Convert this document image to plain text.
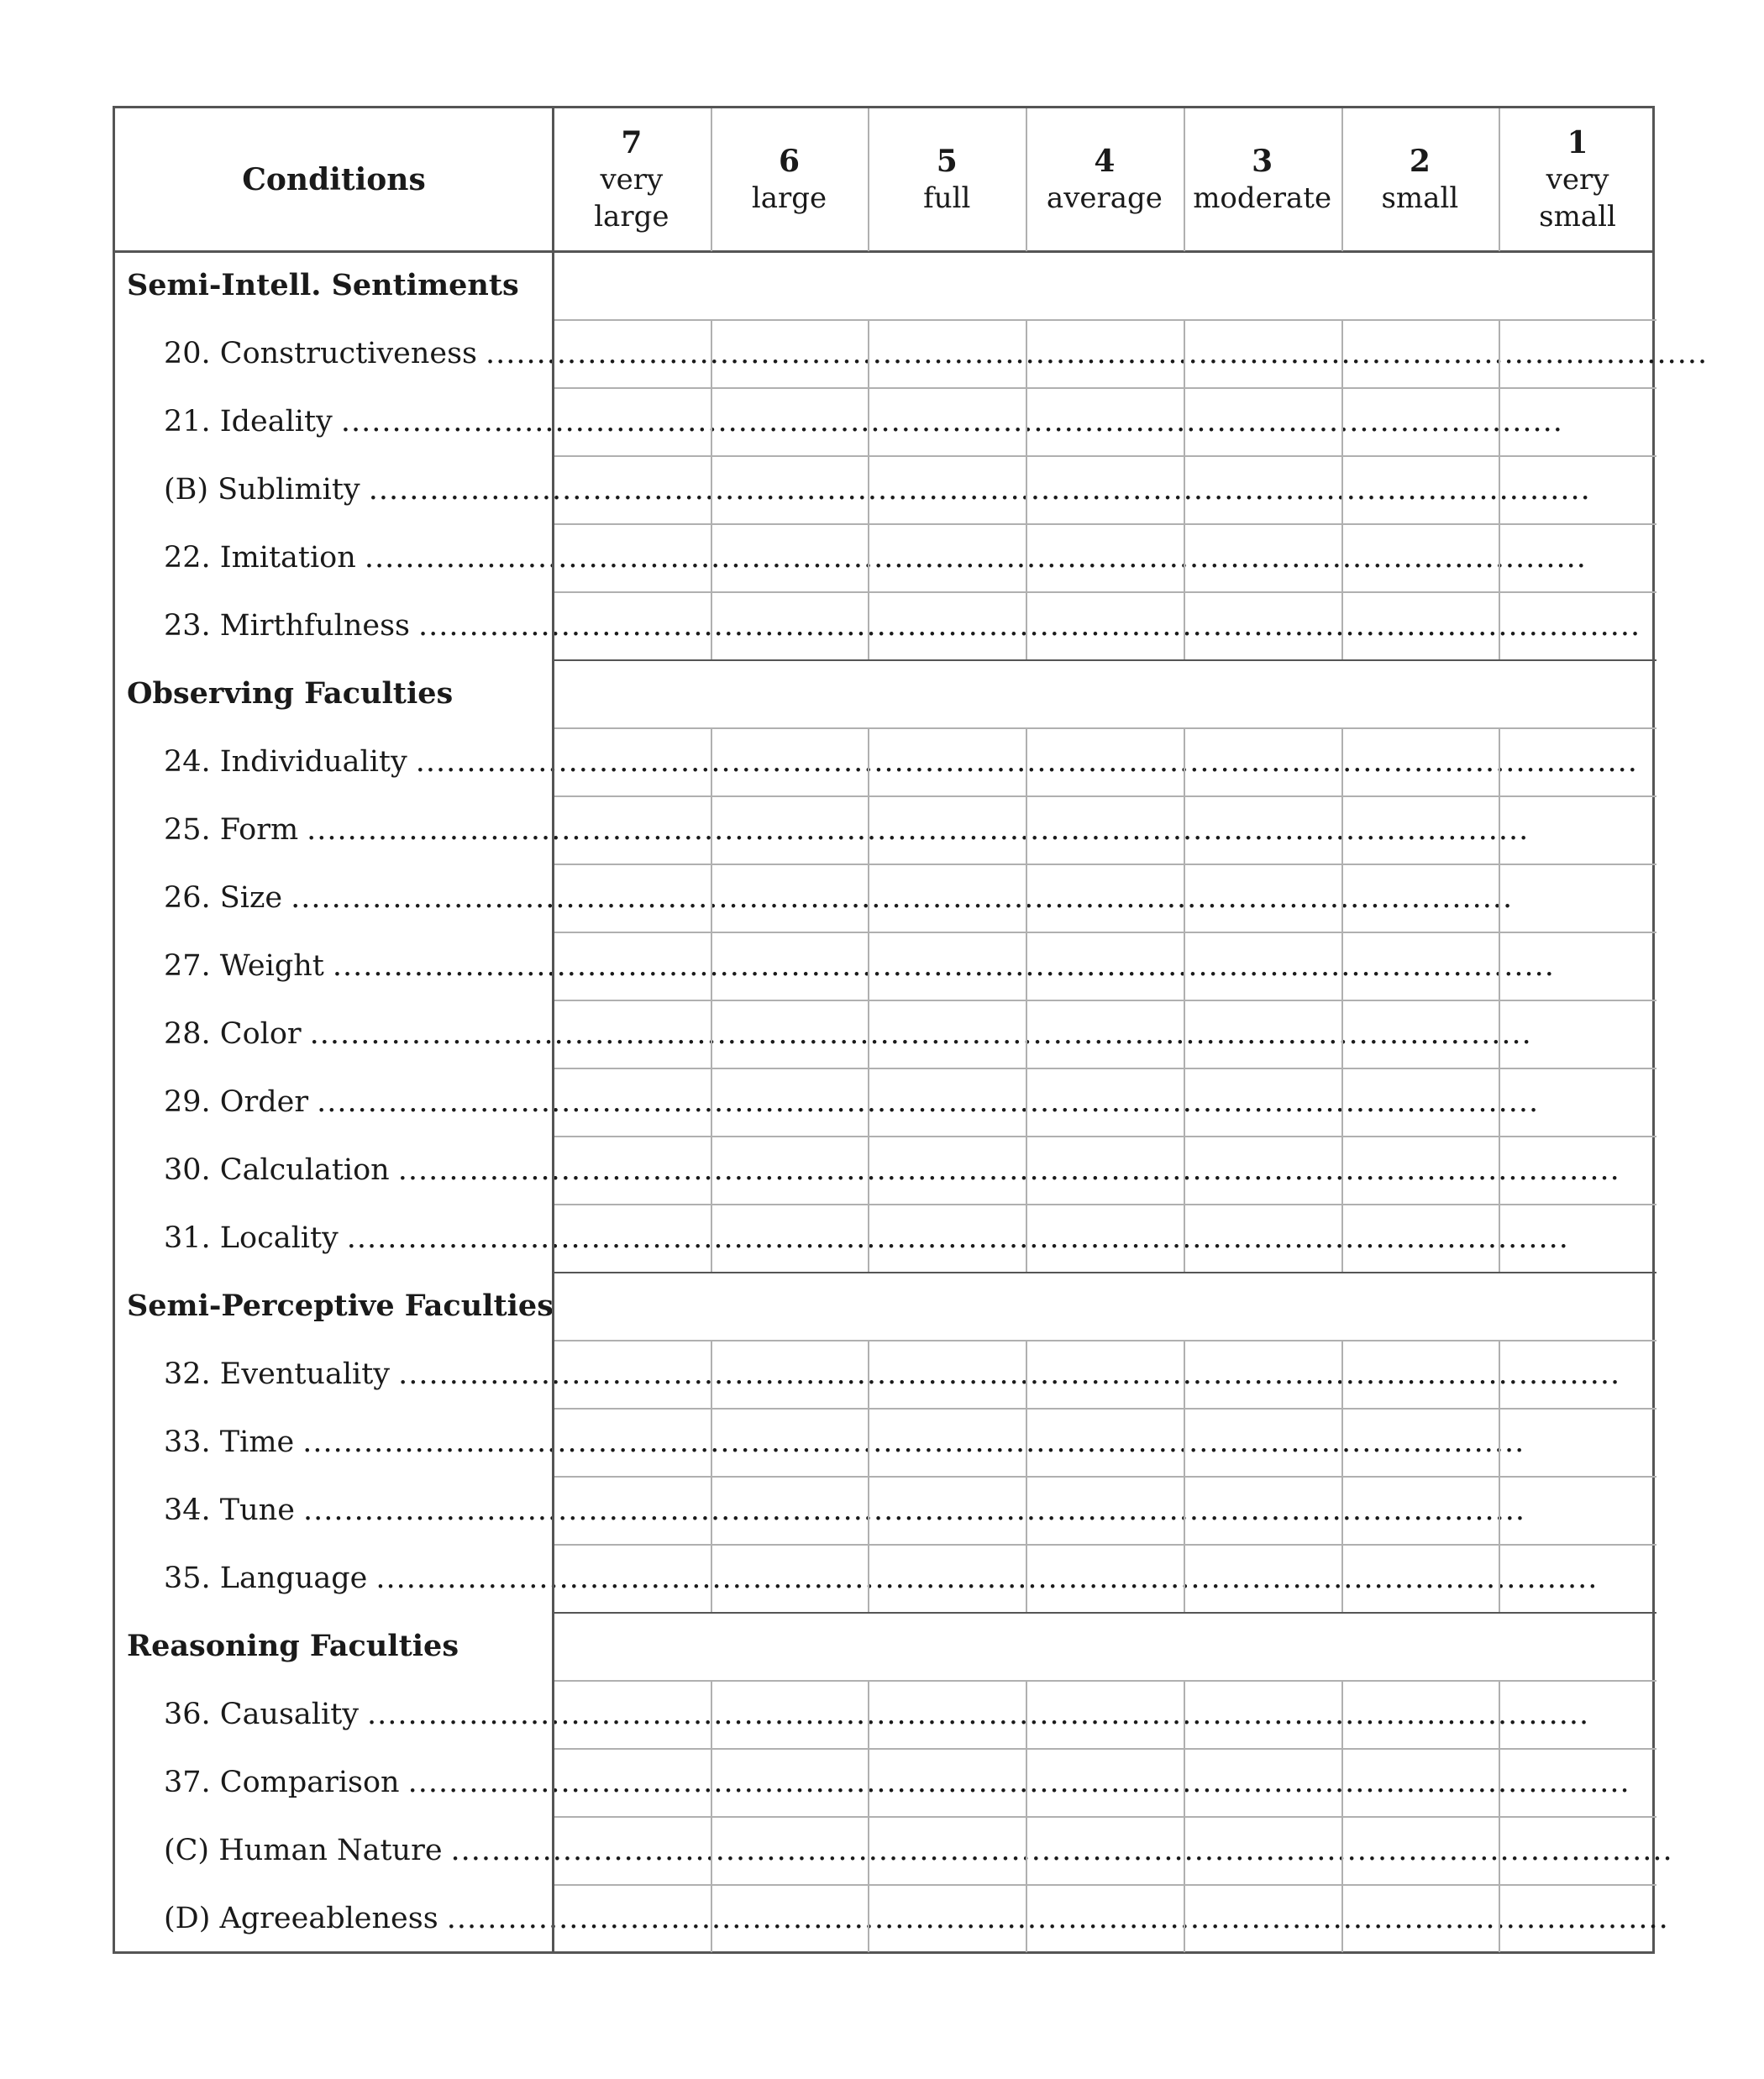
Conditions
7
very
large
6
large
5
full
4
average
3
moderate
2
small
1
very
small
Semi-Intell. Sentiments
20. Constructiveness ........................................................................................................................
21. Ideality ........................................................................................................................
(B) Sublimity ........................................................................................................................
22. Imitation ........................................................................................................................
23. Mirthfulness ........................................................................................................................
Observing Faculties
24. Individuality ........................................................................................................................
25. Form ........................................................................................................................
26. Size ........................................................................................................................
27. Weight ........................................................................................................................
28. Color ........................................................................................................................
29. Order ........................................................................................................................
30. Calculation ........................................................................................................................
31. Locality ........................................................................................................................
Semi-Perceptive Faculties
32. Eventuality ........................................................................................................................
33. Time ........................................................................................................................
34. Tune ........................................................................................................................
35. Language ........................................................................................................................
Reasoning Faculties
36. Causality ........................................................................................................................
37. Comparison ........................................................................................................................
(C) Human Nature ........................................................................................................................
(D) Agreeableness ........................................................................................................................
